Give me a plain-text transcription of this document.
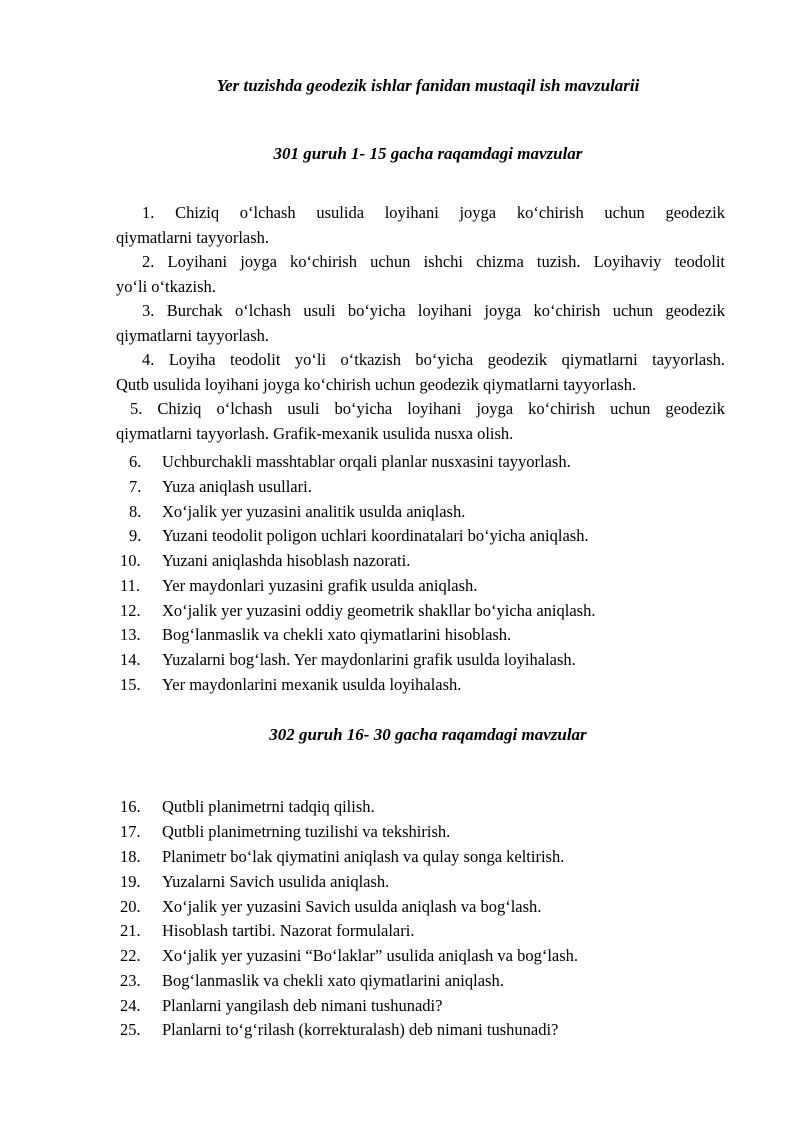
Yer tuzishda geodezik ishlar fanidan mustaqil ish mavzularii
301 guruh 1- 15 gacha raqamdagi mavzular
1. Chiziq o‘lchash usulida loyihani joyga ko‘chirish uchun geodezik
qiymatlarni tayyorlash.
2. Loyihani joyga ko‘chirish uchun ishchi chizma tuzish. Loyihaviy teodolit
yo‘li o‘tkazish.
3. Burchak o‘lchash usuli bo‘yicha loyihani joyga ko‘chirish uchun geodezik
qiymatlarni tayyorlash.
4. Loyiha teodolit yo‘li o‘tkazish bo‘yicha geodezik qiymatlarni tayyorlash.
Qutb usulida loyihani joyga ko‘chirish uchun geodezik qiymatlarni tayyorlash.
5. Chiziq o‘lchash usuli bo‘yicha loyihani joyga ko‘chirish uchun geodezik
qiymatlarni tayyorlash. Grafik-mexanik usulida nusxa olish.
6. Uchburchakli masshtablar orqali planlar nusxasini tayyorlash.
7. Yuza aniqlash usullari.
8. Xo‘jalik yer yuzasini analitik usulda aniqlash.
9. Yuzani teodolit poligon uchlari koordinatalari bo‘yicha aniqlash.
10. Yuzani aniqlashda hisoblash nazorati.
11. Yer maydonlari yuzasini grafik usulda aniqlash.
12. Xo‘jalik yer yuzasini oddiy geometrik shakllar bo‘yicha aniqlash.
13. Bog‘lanmaslik va chekli xato qiymatlarini hisoblash.
14. Yuzalarni bog‘lash. Yer maydonlarini grafik usulda loyihalash.
15. Yer maydonlarini mexanik usulda loyihalash.
302 guruh 16- 30 gacha raqamdagi mavzular
16. Qutbli planimetrni tadqiq qilish.
17. Qutbli planimetrning tuzilishi va tekshirish.
18. Planimetr bo‘lak qiymatini aniqlash va qulay songa keltirish.
19. Yuzalarni Savich usulida aniqlash.
20. Xo‘jalik yer yuzasini Savich usulda aniqlash va bog‘lash.
21. Hisoblash tartibi. Nazorat formulalari.
22. Xo‘jalik yer yuzasini “Bo‘laklar” usulida aniqlash va bog‘lash.
23. Bog‘lanmaslik va chekli xato qiymatlarini aniqlash.
24. Planlarni yangilash deb nimani tushunadi?
25. Planlarni to‘g‘rilash (korrekturalash) deb nimani tushunadi?
